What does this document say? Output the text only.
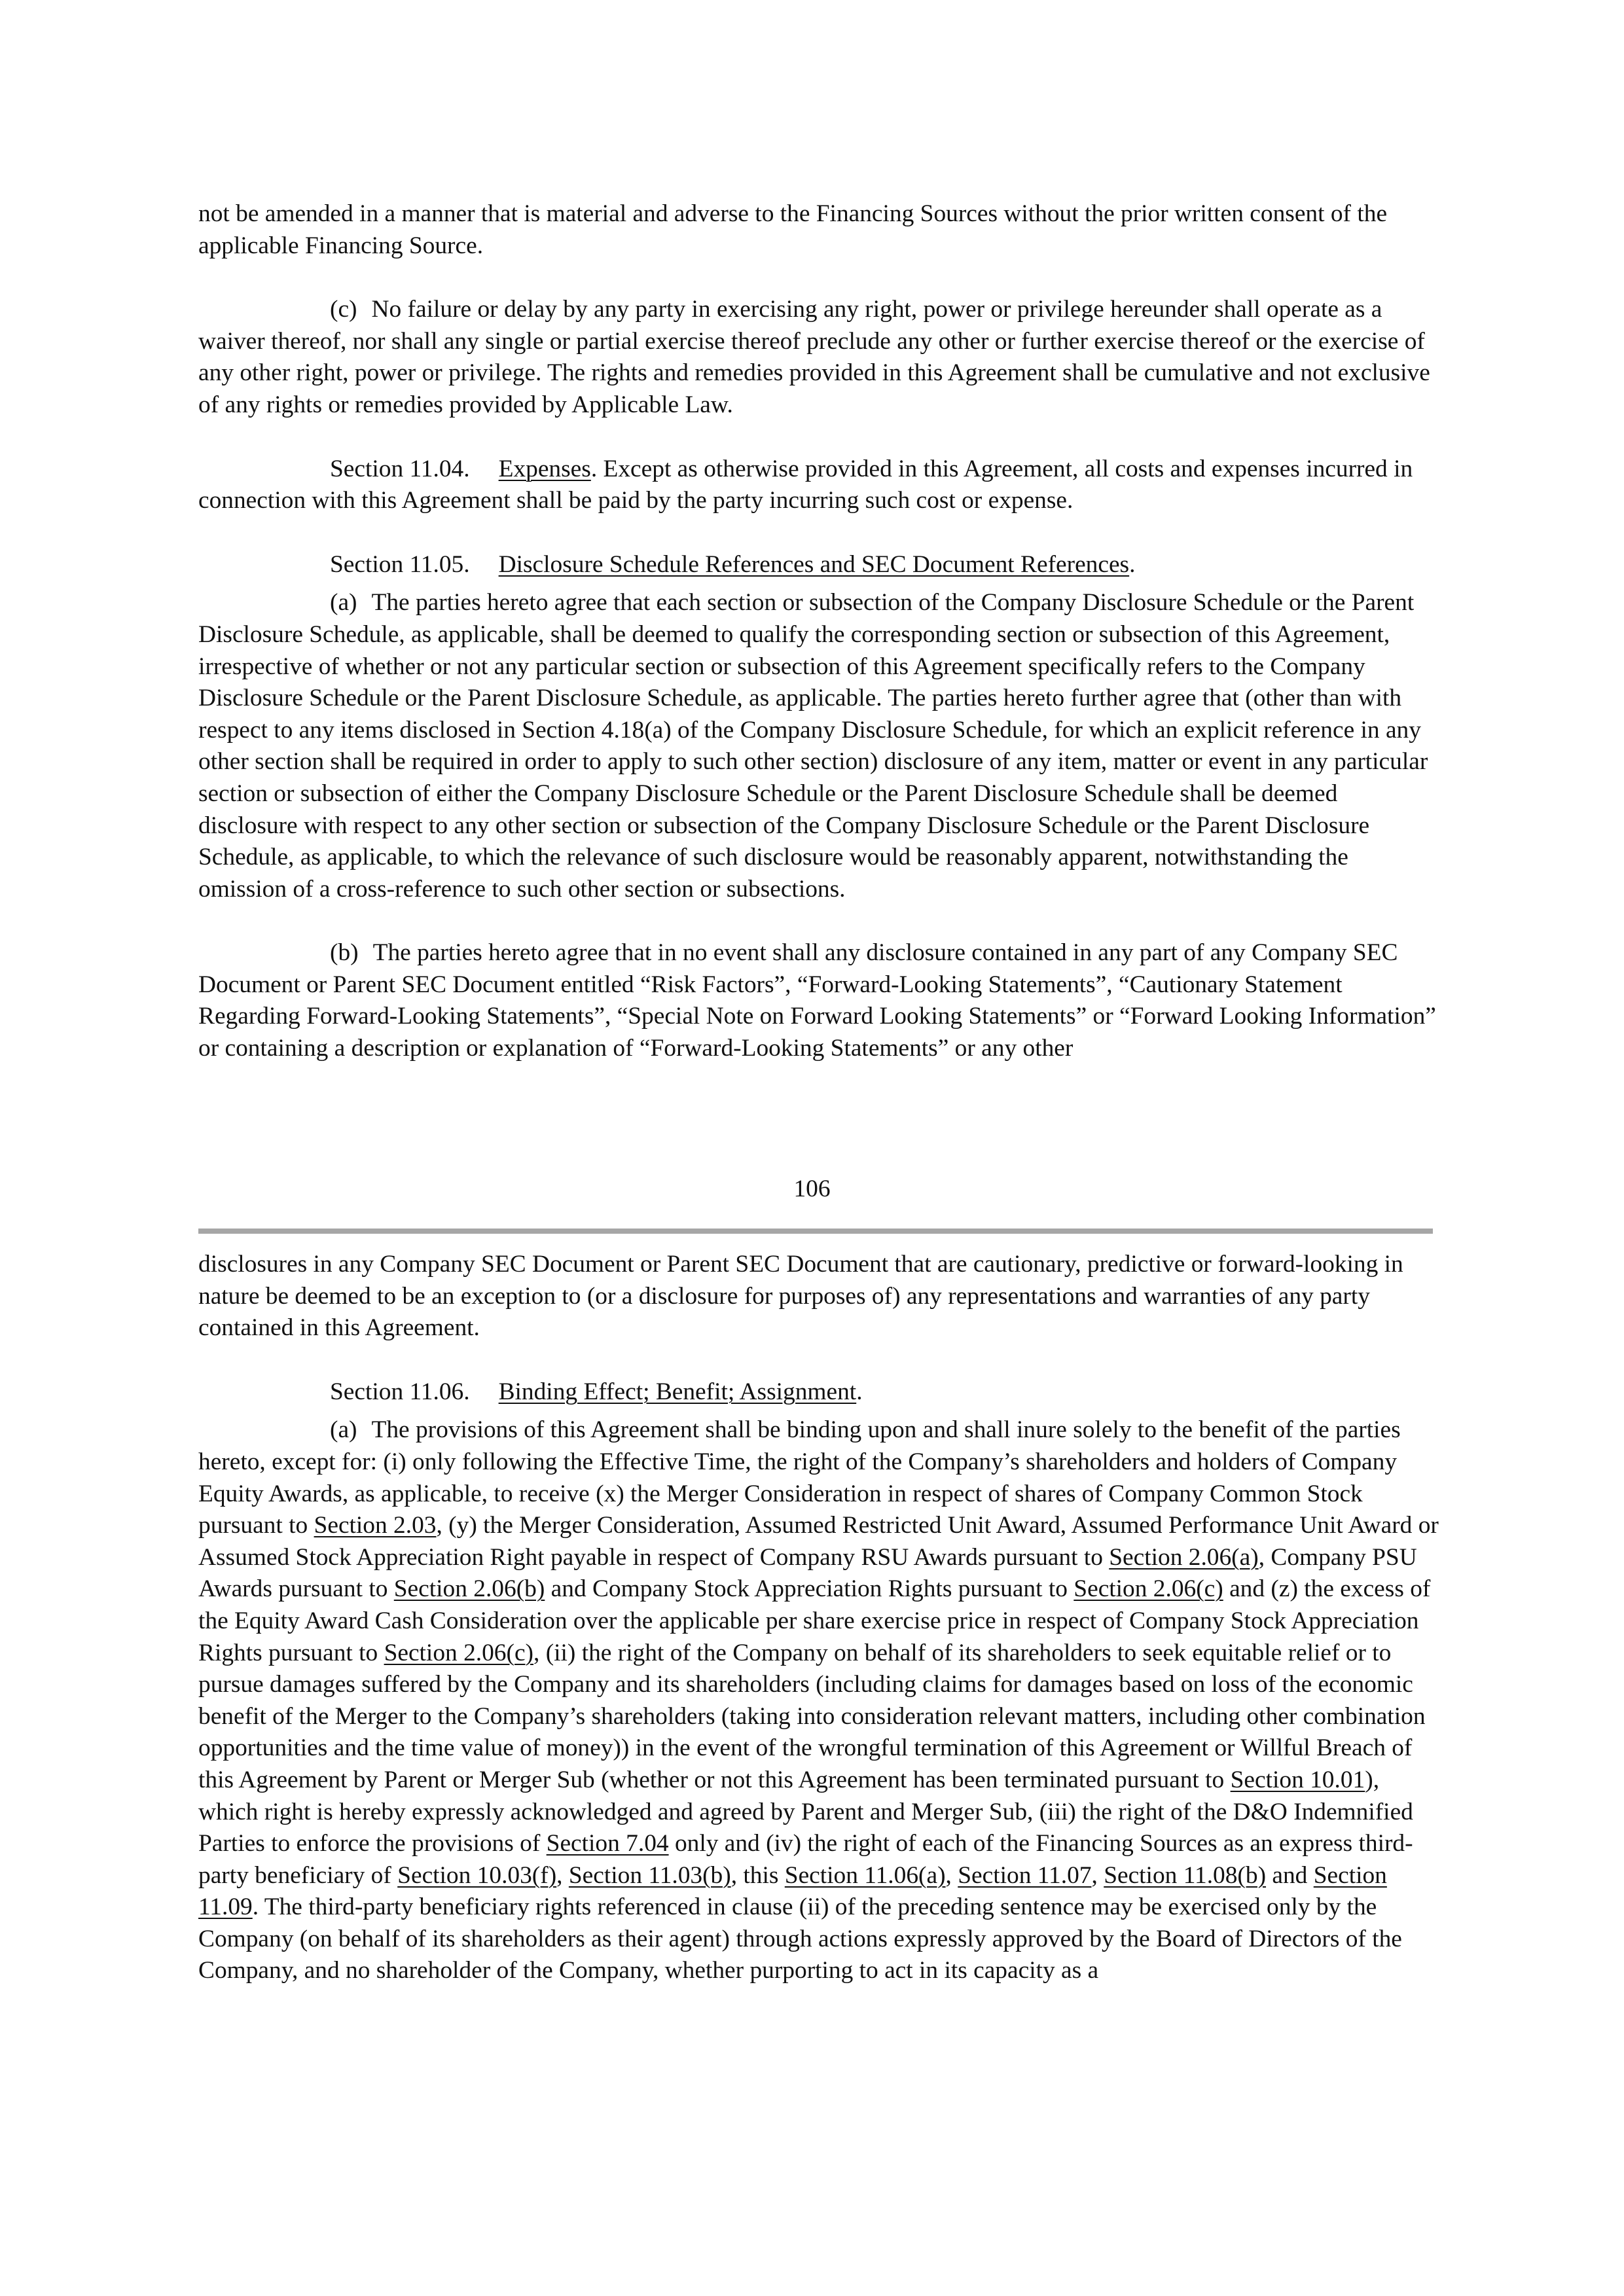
not be amended in a manner that is material and adverse to the Financing Sources without the prior written consent of the applicable Financing Source.

(c) No failure or delay by any party in exercising any right, power or privilege hereunder shall operate as a waiver thereof, nor shall any single or partial exercise thereof preclude any other or further exercise thereof or the exercise of any other right, power or privilege. The rights and remedies provided in this Agreement shall be cumulative and not exclusive of any rights or remedies provided by Applicable Law.

Section 11.04. Expenses. Except as otherwise provided in this Agreement, all costs and expenses incurred in connection with this Agreement shall be paid by the party incurring such cost or expense.

Section 11.05. Disclosure Schedule References and SEC Document References.

(a) The parties hereto agree that each section or subsection of the Company Disclosure Schedule or the Parent Disclosure Schedule, as applicable, shall be deemed to qualify the corresponding section or subsection of this Agreement, irrespective of whether or not any particular section or subsection of this Agreement specifically refers to the Company Disclosure Schedule or the Parent Disclosure Schedule, as applicable. The parties hereto further agree that (other than with respect to any items disclosed in Section 4.18(a) of the Company Disclosure Schedule, for which an explicit reference in any other section shall be required in order to apply to such other section) disclosure of any item, matter or event in any particular section or subsection of either the Company Disclosure Schedule or the Parent Disclosure Schedule shall be deemed disclosure with respect to any other section or subsection of the Company Disclosure Schedule or the Parent Disclosure Schedule, as applicable, to which the relevance of such disclosure would be reasonably apparent, notwithstanding the omission of a cross-reference to such other section or subsections.

(b) The parties hereto agree that in no event shall any disclosure contained in any part of any Company SEC Document or Parent SEC Document entitled “Risk Factors”, “Forward-Looking Statements”, “Cautionary Statement Regarding Forward-Looking Statements”, “Special Note on Forward Looking Statements” or “Forward Looking Information” or containing a description or explanation of “Forward-Looking Statements” or any other

106

disclosures in any Company SEC Document or Parent SEC Document that are cautionary, predictive or forward-looking in nature be deemed to be an exception to (or a disclosure for purposes of) any representations and warranties of any party contained in this Agreement.

Section 11.06. Binding Effect; Benefit; Assignment.

(a) The provisions of this Agreement shall be binding upon and shall inure solely to the benefit of the parties hereto, except for: (i) only following the Effective Time, the right of the Company’s shareholders and holders of Company Equity Awards, as applicable, to receive (x) the Merger Consideration in respect of shares of Company Common Stock pursuant to Section 2.03, (y) the Merger Consideration, Assumed Restricted Unit Award, Assumed Performance Unit Award or Assumed Stock Appreciation Right payable in respect of Company RSU Awards pursuant to Section 2.06(a), Company PSU Awards pursuant to Section 2.06(b) and Company Stock Appreciation Rights pursuant to Section 2.06(c) and (z) the excess of the Equity Award Cash Consideration over the applicable per share exercise price in respect of Company Stock Appreciation Rights pursuant to Section 2.06(c), (ii) the right of the Company on behalf of its shareholders to seek equitable relief or to pursue damages suffered by the Company and its shareholders (including claims for damages based on loss of the economic benefit of the Merger to the Company’s shareholders (taking into consideration relevant matters, including other combination opportunities and the time value of money)) in the event of the wrongful termination of this Agreement or Willful Breach of this Agreement by Parent or Merger Sub (whether or not this Agreement has been terminated pursuant to Section 10.01), which right is hereby expressly acknowledged and agreed by Parent and Merger Sub, (iii) the right of the D&O Indemnified Parties to enforce the provisions of Section 7.04 only and (iv) the right of each of the Financing Sources as an express third-party beneficiary of Section 10.03(f), Section 11.03(b), this Section 11.06(a), Section 11.07, Section 11.08(b) and Section 11.09. The third-party beneficiary rights referenced in clause (ii) of the preceding sentence may be exercised only by the Company (on behalf of its shareholders as their agent) through actions expressly approved by the Board of Directors of the Company, and no shareholder of the Company, whether purporting to act in its capacity as a
